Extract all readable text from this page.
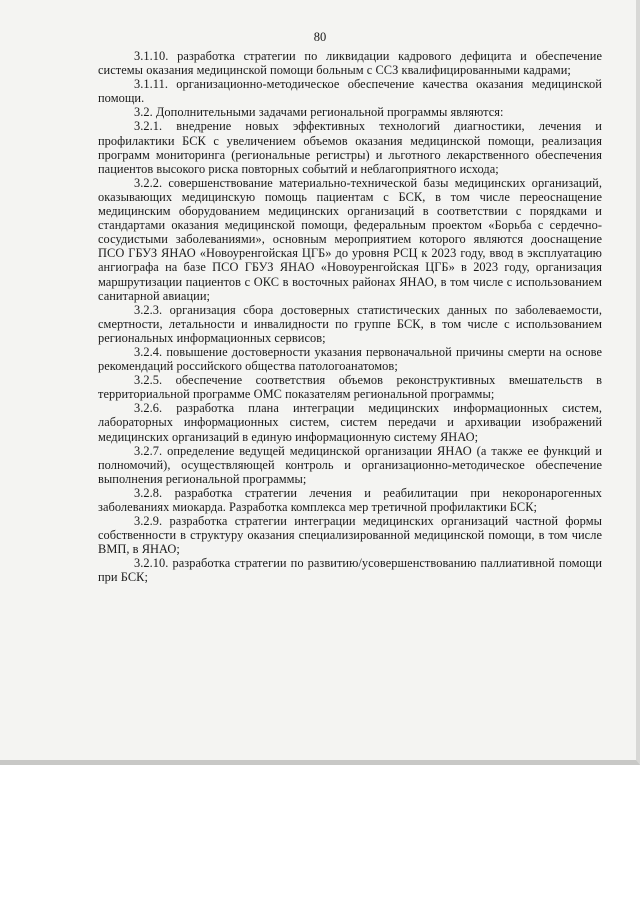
80

3.1.10. разработка стратегии по ликвидации кадрового дефицита и обеспечение системы оказания медицинской помощи больным с ССЗ квалифицированными кадрами;

3.1.11. организационно-методическое обеспечение качества оказания медицинской помощи.

3.2. Дополнительными задачами региональной программы являются:

3.2.1. внедрение новых эффективных технологий диагностики, лечения и профилактики БСК с увеличением объемов оказания медицинской помощи, реализация программ мониторинга (региональные регистры) и льготного лекарственного обеспечения пациентов высокого риска повторных событий и неблагоприятного исхода;

3.2.2. совершенствование материально-технической базы медицинских организаций, оказывающих медицинскую помощь пациентам с БСК, в том числе переоснащение медицинским оборудованием медицинских организаций в соответствии с порядками и стандартами оказания медицинской помощи, федеральным проектом «Борьба с сердечно-сосудистыми заболеваниями», основным мероприятием которого являются дооснащение ПСО ГБУЗ ЯНАО «Новоуренгойская ЦГБ» до уровня РСЦ к 2023 году, ввод в эксплуатацию ангиографа на базе ПСО ГБУЗ ЯНАО «Новоуренгойская ЦГБ» в 2023 году, организация маршрутизации пациентов с ОКС в восточных районах ЯНАО, в том числе с использованием санитарной авиации;

3.2.3. организация сбора достоверных статистических данных по заболеваемости, смертности, летальности и инвалидности по группе БСК, в том числе с использованием региональных информационных сервисов;

3.2.4. повышение достоверности указания первоначальной причины смерти на основе рекомендаций российского общества патологоанатомов;

3.2.5. обеспечение соответствия объемов реконструктивных вмешательств в территориальной программе ОМС показателям региональной программы;

3.2.6. разработка плана интеграции медицинских информационных систем, лабораторных информационных систем, систем передачи и архивации изображений медицинских организаций в единую информационную систему ЯНАО;

3.2.7. определение ведущей медицинской организации ЯНАО (а также ее функций и полномочий), осуществляющей контроль и организационно-методическое обеспечение выполнения региональной программы;

3.2.8. разработка стратегии лечения и реабилитации при некоронарогенных заболеваниях миокарда. Разработка комплекса мер третичной профилактики БСК;

3.2.9. разработка стратегии интеграции медицинских организаций частной формы собственности в структуру оказания специализированной медицинской помощи, в том числе ВМП, в ЯНАО;

3.2.10. разработка стратегии по развитию/усовершенствованию паллиативной помощи при БСК;
